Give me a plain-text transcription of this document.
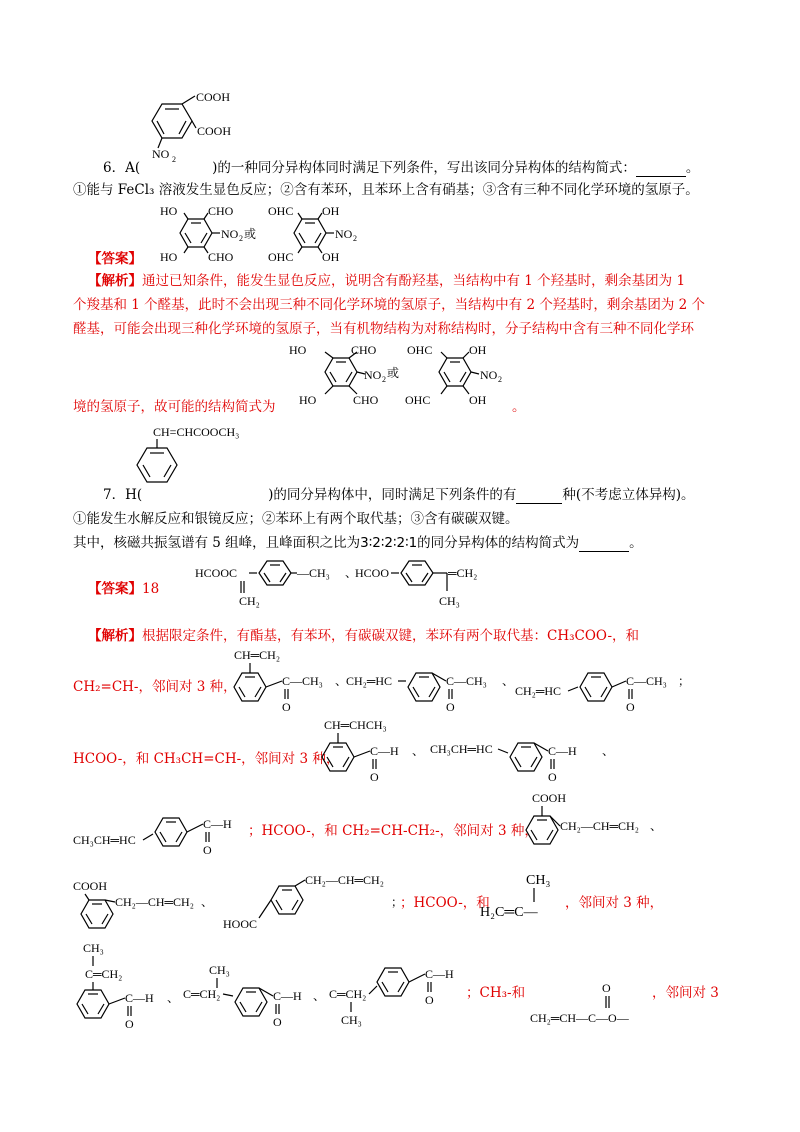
COOH
COOH
NO 2
6．A(	)的一种同分异构体同时满足下列条件，写出该同分异构体的结构简式：	。
①能与 FeCl₃ 溶液发生显色反应；②含有苯环，且苯环上含有硝基；③含有三种不同化学环境的氢原子。
HO	CHO
NO 2 或
HO	CHO
OHC OH
NO 2
OHC OH
【答案】
【解析】通过已知条件，能发生显色反应，说明含有酚羟基，当结构中有 1 个羟基时，剩余基团为 1
个羧基和 1 个醛基，此时不会出现三种不同化学环境的氢原子，当结构中有 2 个羟基时，剩余基团为 2 个
醛基，可能会出现三种化学环境的氢原子，当有机物结构为对称结构时，分子结构中含有三种不同化学环
HO	CHO
NO 2 或
HO	CHO
OHC	OH
NO 2
OHC	OH
境的氢原子，故可能的结构简式为	。
CH=CHCOOCH₃
7．H(	)的同分异构体中，同时满足下列条件的有	种(不考虑立体异构)。
①能发生水解反应和银镜反应；②苯环上有两个取代基；③含有碳碳双键。
其中，核磁共振氢谱有 5 组峰，且峰面积之比为3∶2∶2∶2∶1的同分异构体的结构简式为	。
【答案】18
HCOOC
CH₂
—CH₃ 、
HCOO	═CH₂
CH₃
【解析】根据限定条件，有酯基，有苯环，有碳碳双键，苯环有两个取代基：CH₃COO-，和
CH₂=CH-，邻间对 3 种，
CH═CH₂
C—CH₃
O
、
CH₂═HC	C—CH₃
O
、
CH₂═HC
C—CH₃
O
；
HCOO-，和 CH₃CH=CH-，邻间对 3 种，
CH═CHCH₃
C—H
O
、 CH₃CH═HC	C—H
O
、
CH₃CH═HC
C—H
O
；HCOO-，和 CH₂=CH-CH₂-，邻间对 3 种，
COOH
CH₂—CH═CH₂ 、
COOH
CH₂—CH═CH₂ 、
CH₂—CH═CH₂
HOOC
；
；HCOO-，和
CH₃
H₂C═C—
，邻间对 3 种，
CH₃
C═CH₂
C—H
O
、
CH₃
C═CH₂	C—H
O
、 C═CH₂
C—H
O
CH₃
；CH₃-和	O
CH₂═CH—C—O—
，邻间对 3
